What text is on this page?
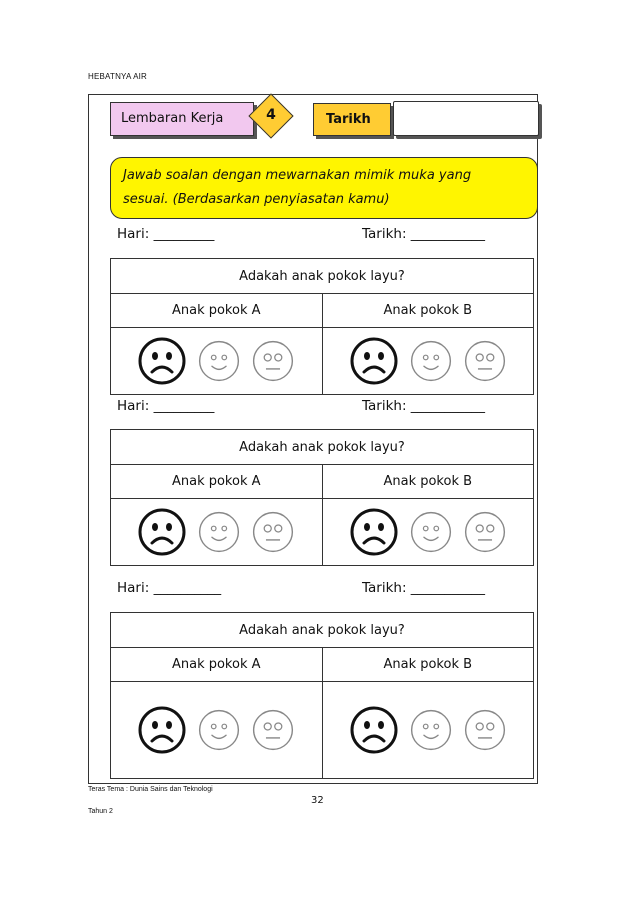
HEBATNYA AIR
Lembaran Kerja	4	Tarikh
Jawab soalan dengan mewarnakan mimik muka yang
sesuai. (Berdasarkan penyiasatan kamu)
Hari: _________	Tarikh: ___________
Adakah anak pokok layu?	
Anak pokok A	Anak pokok B

Hari: _________	Tarikh: ___________
Adakah anak pokok layu?	
Anak pokok A	Anak pokok B

Hari: __________	Tarikh: ___________
Adakah anak pokok layu?	
Anak pokok A	Anak pokok B

Teras Tema : Dunia Sains dan Teknologi
Tahun 2
32
